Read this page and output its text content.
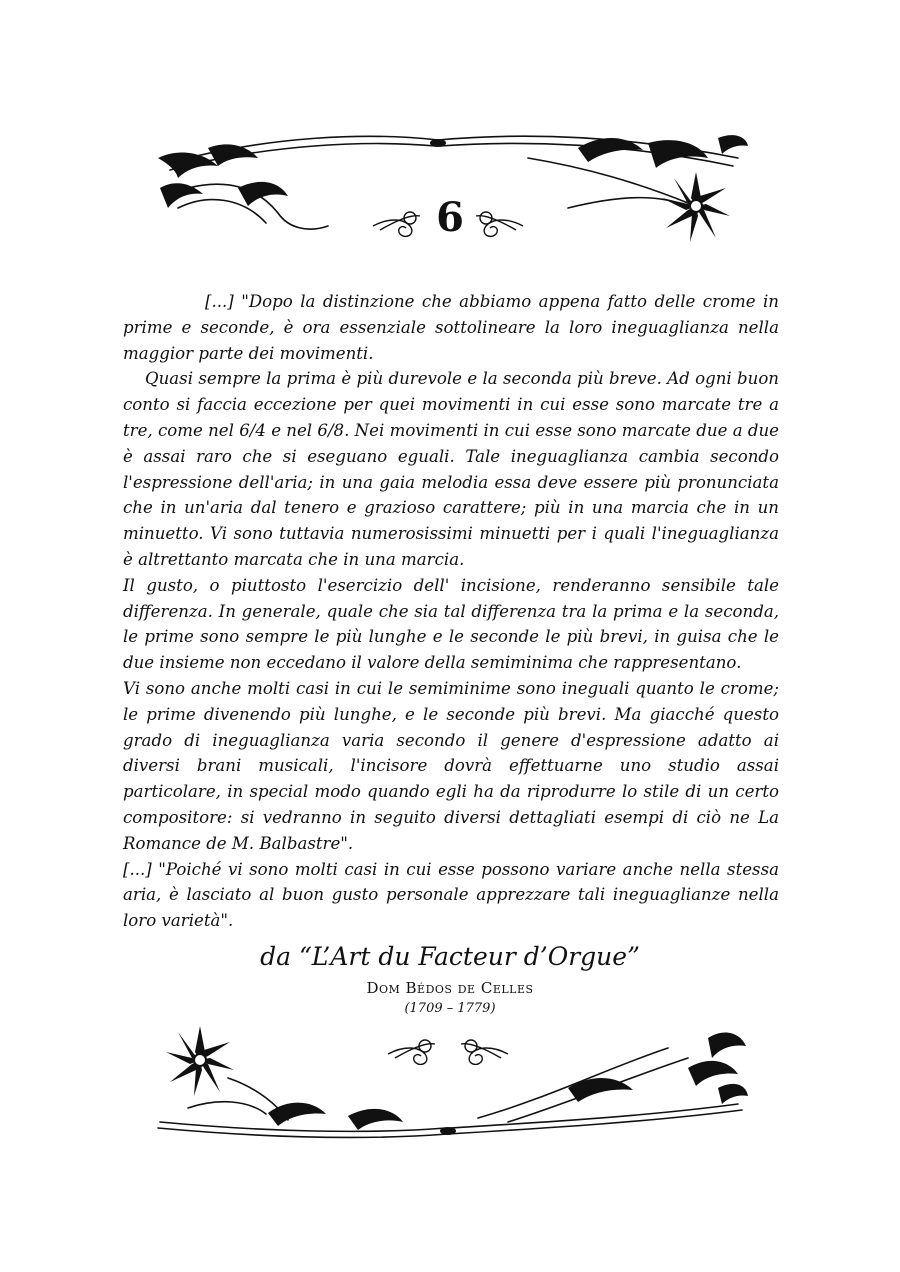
6

[...] "Dopo la distinzione che abbiamo appena fatto delle crome in prime e seconde, è ora essenziale sottolineare la loro ineguaglianza nella maggior parte dei movimenti.

Quasi sempre la prima è più durevole e la seconda più breve. Ad ogni buon conto si faccia eccezione per quei movimenti in cui esse sono marcate tre a tre, come nel 6/4 e nel 6/8. Nei movimenti in cui esse sono marcate due a due è assai raro che si eseguano eguali. Tale ineguaglianza cambia secondo l'espressione dell'aria; in una gaia melodia essa deve essere più pronunciata che in un'aria dal tenero e grazioso carattere; più in una marcia che in un minuetto. Vi sono tuttavia numerosissimi minuetti per i quali l'ineguaglianza è altrettanto marcata che in una marcia.

Il gusto, o piuttosto l'esercizio dell' incisione, renderanno sensibile tale differenza. In generale, quale che sia tal differenza tra la prima e la seconda, le prime sono sempre le più lunghe e le seconde le più brevi, in guisa che le due insieme non eccedano il valore della semiminima che rappresentano.

Vi sono anche molti casi in cui le semiminime sono ineguali quanto le crome; le prime divenendo più lunghe, e le seconde più brevi. Ma giacché questo grado di ineguaglianza varia secondo il genere d'espressione adatto ai diversi brani musicali, l'incisore dovrà effettuarne uno studio assai particolare, in special modo quando egli ha da riprodurre lo stile di un certo compositore: si vedranno in seguito diversi dettagliati esempi di ciò ne La Romance de M. Balbastre".

[...] "Poiché vi sono molti casi in cui esse possono variare anche nella stessa aria, è lasciato al buon gusto personale apprezzare tali ineguaglianze nella loro varietà".

da “L’Art du Facteur d’Orgue”
Dom Bédos de Celles
(1709 – 1779)
